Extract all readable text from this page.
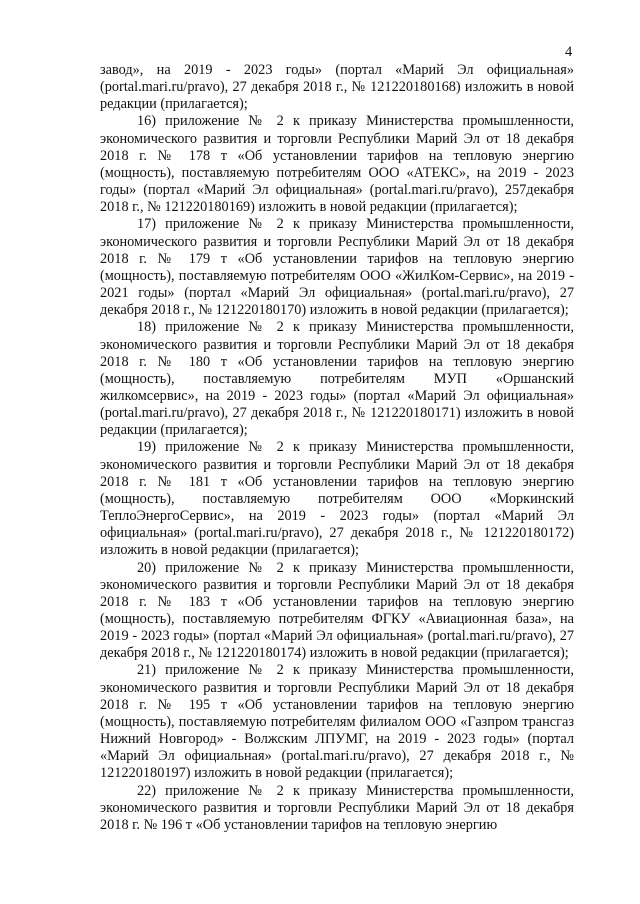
4

завод», на 2019 - 2023 годы» (портал «Марий Эл официальная» (portal.mari.ru/pravo), 27 декабря 2018 г., № 121220180168) изложить в новой редакции (прилагается);

16) приложение № 2 к приказу Министерства промышленности, экономического развития и торговли Республики Марий Эл от 18 декабря 2018 г. № 178 т «Об установлении тарифов на тепловую энергию (мощность), поставляемую потребителям ООО «АТЕКС», на 2019 - 2023 годы» (портал «Марий Эл официальная» (portal.mari.ru/pravo), 257декабря 2018 г., № 121220180169) изложить в новой редакции (прилагается);

17) приложение № 2 к приказу Министерства промышленности, экономического развития и торговли Республики Марий Эл от 18 декабря 2018 г. № 179 т «Об установлении тарифов на тепловую энергию (мощность), поставляемую потребителям ООО «ЖилКом-Сервис», на 2019 - 2021 годы» (портал «Марий Эл официальная» (portal.mari.ru/pravo), 27 декабря 2018 г., № 121220180170) изложить в новой редакции (прилагается);

18) приложение № 2 к приказу Министерства промышленности, экономического развития и торговли Республики Марий Эл от 18 декабря 2018 г. № 180 т «Об установлении тарифов на тепловую энергию (мощность), поставляемую потребителям МУП «Оршанский жилкомсервис», на 2019 - 2023 годы» (портал «Марий Эл официальная» (portal.mari.ru/pravo), 27 декабря 2018 г., № 121220180171) изложить в новой редакции (прилагается);

19) приложение № 2 к приказу Министерства промышленности, экономического развития и торговли Республики Марий Эл от 18 декабря 2018 г. № 181 т «Об установлении тарифов на тепловую энергию (мощность), поставляемую потребителям ООО «Моркинский ТеплоЭнергоСервис», на 2019 - 2023 годы» (портал «Марий Эл официальная» (portal.mari.ru/pravo), 27 декабря 2018 г., № 121220180172) изложить в новой редакции (прилагается);

20) приложение № 2 к приказу Министерства промышленности, экономического развития и торговли Республики Марий Эл от 18 декабря 2018 г. № 183 т «Об установлении тарифов на тепловую энергию (мощность), поставляемую потребителям ФГКУ «Авиационная база», на 2019 - 2023 годы» (портал «Марий Эл официальная» (portal.mari.ru/pravo), 27 декабря 2018 г., № 121220180174) изложить в новой редакции (прилагается);

21) приложение № 2 к приказу Министерства промышленности, экономического развития и торговли Республики Марий Эл от 18 декабря 2018 г. № 195 т «Об установлении тарифов на тепловую энергию (мощность), поставляемую потребителям филиалом ООО «Газпром трансгаз Нижний Новгород» - Волжским ЛПУМГ, на 2019 - 2023 годы» (портал «Марий Эл официальная» (portal.mari.ru/pravo), 27 декабря 2018 г., № 121220180197) изложить в новой редакции (прилагается);

22) приложение № 2 к приказу Министерства промышленности, экономического развития и торговли Республики Марий Эл от 18 декабря 2018 г. № 196 т «Об установлении тарифов на тепловую энергию
